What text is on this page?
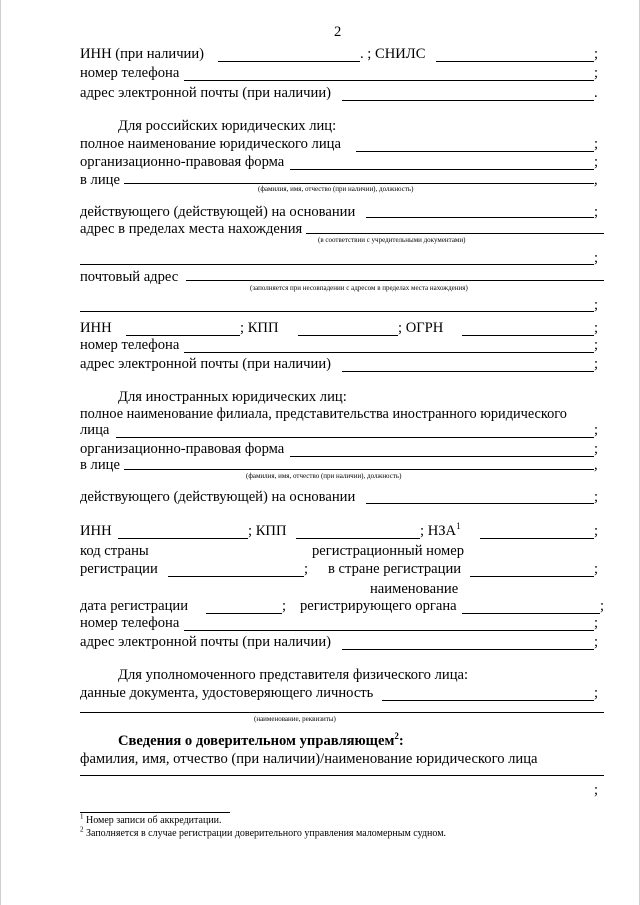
2
ИНН (при наличии)	. ; СНИЛС	;
номер телефона	;
адрес электронной почты (при наличии)	.
Для российских юридических лиц:
полное наименование юридического лица	;
организационно-правовая форма	;
в лице	,
(фамилия, имя, отчество (при наличии), должность)
действующего (действующей) на основании	;
адрес в пределах места нахождения
(в соответствии с учредительными документами)
;
почтовый адрес
(заполняется при несовпадении с адресом в пределах места нахождения)
;
ИНН	; КПП	; ОГРН	;
номер телефона	;
адрес электронной почты (при наличии)	;
Для иностранных юридических лиц:
полное наименование филиала, представительства иностранного юридического
лица	;
организационно-правовая форма	;
в лице	,
(фамилия, имя, отчество (при наличии), должность)
действующего (действующей) на основании	;
ИНН	; КПП	; НЗА$^1$	;
код страны	регистрационный номер
регистрации	; в стране регистрации	;
наименование
дата регистрации	; регистрирующего органа	;
номер телефона	;
адрес электронной почты (при наличии)	;
Для уполномоченного представителя физического лица:
данные документа, удостоверяющего личность	;
(наименование, реквизиты)
Сведения о доверительном управляющем$^2$:
фамилия, имя, отчество (при наличии)/наименование юридического лица
;
$^1$ Номер записи об аккредитации.
$^2$ Заполняется в случае регистрации доверительного управления маломерным судном.
